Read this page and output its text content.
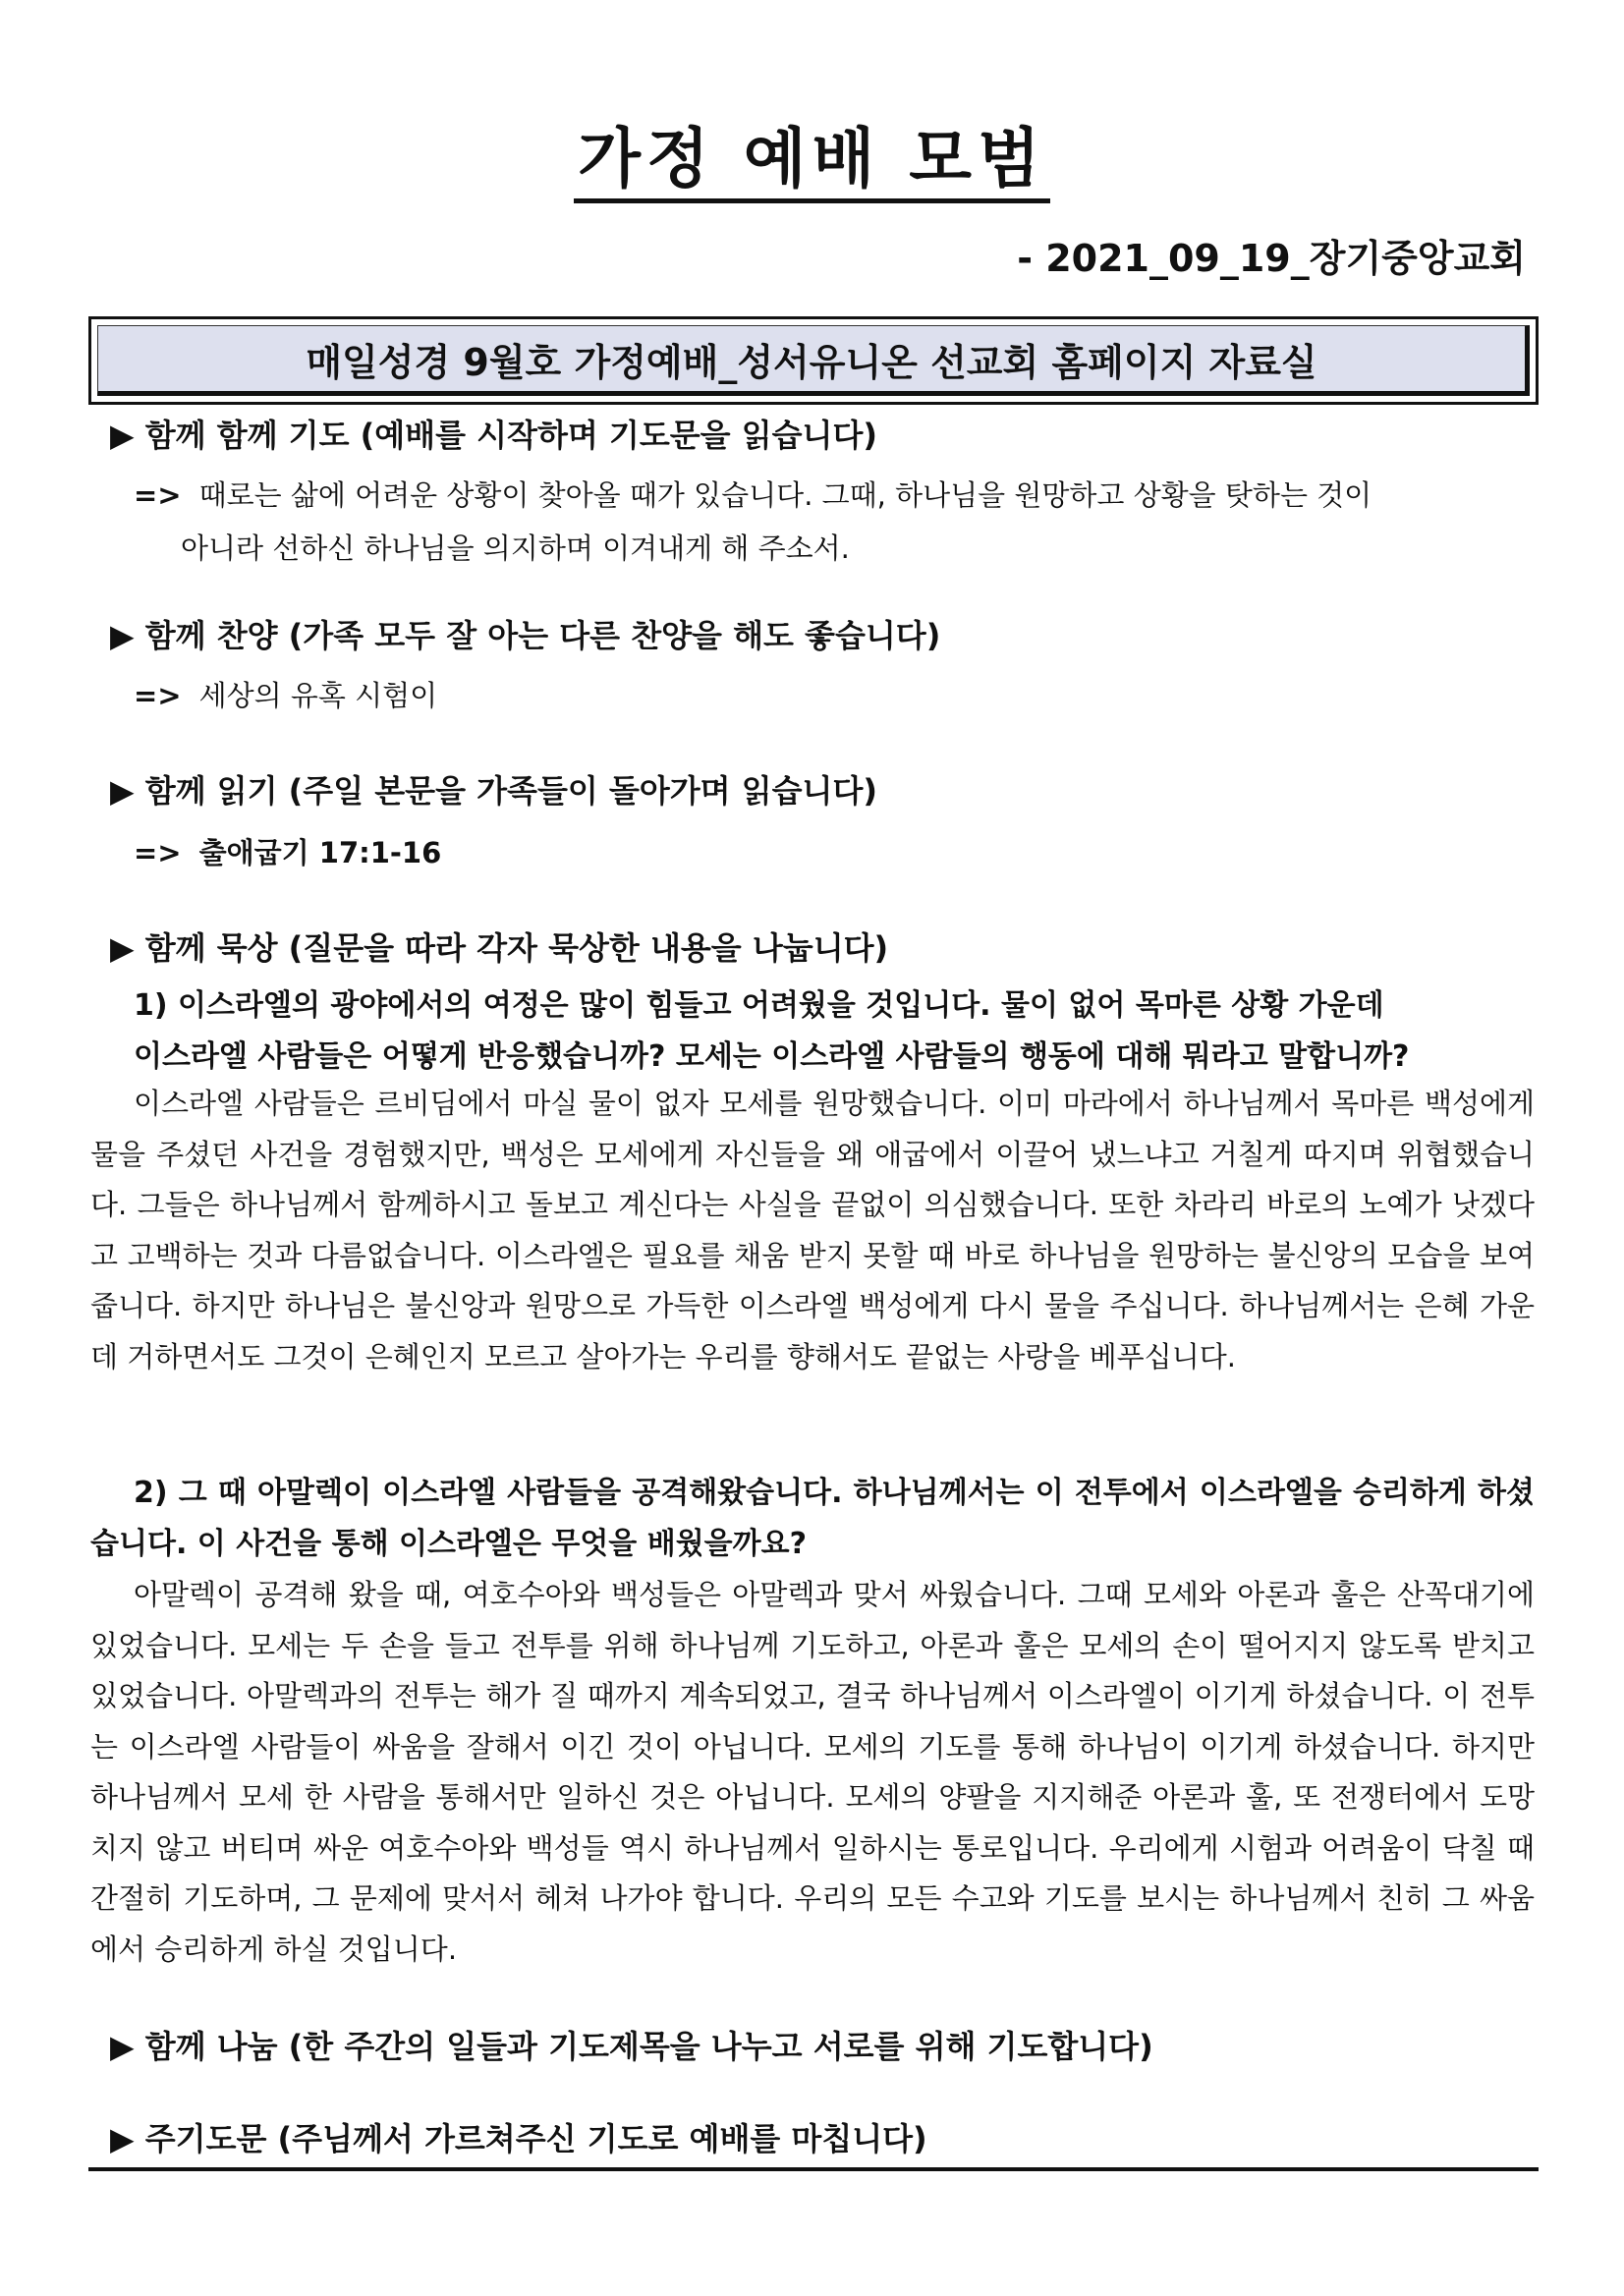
가정 예배 모범
- 2021_09_19_장기중앙교회
매일성경 9월호 가정예배_성서유니온 선교회 홈페이지 자료실
▶ 함께 함께 기도 (예배를 시작하며 기도문을 읽습니다)
=> 때로는 삶에 어려운 상황이 찾아올 때가 있습니다. 그때, 하나님을 원망하고 상황을 탓하는 것이
아니라 선하신 하나님을 의지하며 이겨내게 해 주소서.
▶ 함께 찬양 (가족 모두 잘 아는 다른 찬양을 해도 좋습니다)
=> 세상의 유혹 시험이
▶ 함께 읽기 (주일 본문을 가족들이 돌아가며 읽습니다)
=> 출애굽기 17:1-16
▶ 함께 묵상 (질문을 따라 각자 묵상한 내용을 나눕니다)
1) 이스라엘의 광야에서의 여정은 많이 힘들고 어려웠을 것입니다. 물이 없어 목마른 상황 가운데
이스라엘 사람들은 어떻게 반응했습니까? 모세는 이스라엘 사람들의 행동에 대해 뭐라고 말합니까?
이스라엘 사람들은 르비딤에서 마실 물이 없자 모세를 원망했습니다. 이미 마라에서 하나님께서 목마른 백성에게 물을 주셨던 사건을 경험했지만, 백성은 모세에게 자신들을 왜 애굽에서 이끌어 냈느냐고 거칠게 따지며 위협했습니다. 그들은 하나님께서 함께하시고 돌보고 계신다는 사실을 끝없이 의심했습니다. 또한 차라리 바로의 노예가 낫겠다고 고백하는 것과 다름없습니다. 이스라엘은 필요를 채움 받지 못할 때 바로 하나님을 원망하는 불신앙의 모습을 보여줍니다. 하지만 하나님은 불신앙과 원망으로 가득한 이스라엘 백성에게 다시 물을 주십니다. 하나님께서는 은혜 가운데 거하면서도 그것이 은혜인지 모르고 살아가는 우리를 향해서도 끝없는 사랑을 베푸십니다.
2) 그 때 아말렉이 이스라엘 사람들을 공격해왔습니다. 하나님께서는 이 전투에서 이스라엘을 승리하게 하셨습니다. 이 사건을 통해 이스라엘은 무엇을 배웠을까요?
아말렉이 공격해 왔을 때, 여호수아와 백성들은 아말렉과 맞서 싸웠습니다. 그때 모세와 아론과 훌은 산꼭대기에 있었습니다. 모세는 두 손을 들고 전투를 위해 하나님께 기도하고, 아론과 훌은 모세의 손이 떨어지지 않도록 받치고 있었습니다. 아말렉과의 전투는 해가 질 때까지 계속되었고, 결국 하나님께서 이스라엘이 이기게 하셨습니다. 이 전투는 이스라엘 사람들이 싸움을 잘해서 이긴 것이 아닙니다. 모세의 기도를 통해 하나님이 이기게 하셨습니다. 하지만 하나님께서 모세 한 사람을 통해서만 일하신 것은 아닙니다. 모세의 양팔을 지지해준 아론과 훌, 또 전쟁터에서 도망치지 않고 버티며 싸운 여호수아와 백성들 역시 하나님께서 일하시는 통로입니다. 우리에게 시험과 어려움이 닥칠 때 간절히 기도하며, 그 문제에 맞서서 헤쳐 나가야 합니다. 우리의 모든 수고와 기도를 보시는 하나님께서 친히 그 싸움에서 승리하게 하실 것입니다.
▶ 함께 나눔 (한 주간의 일들과 기도제목을 나누고 서로를 위해 기도합니다)
▶ 주기도문 (주님께서 가르쳐주신 기도로 예배를 마칩니다)
